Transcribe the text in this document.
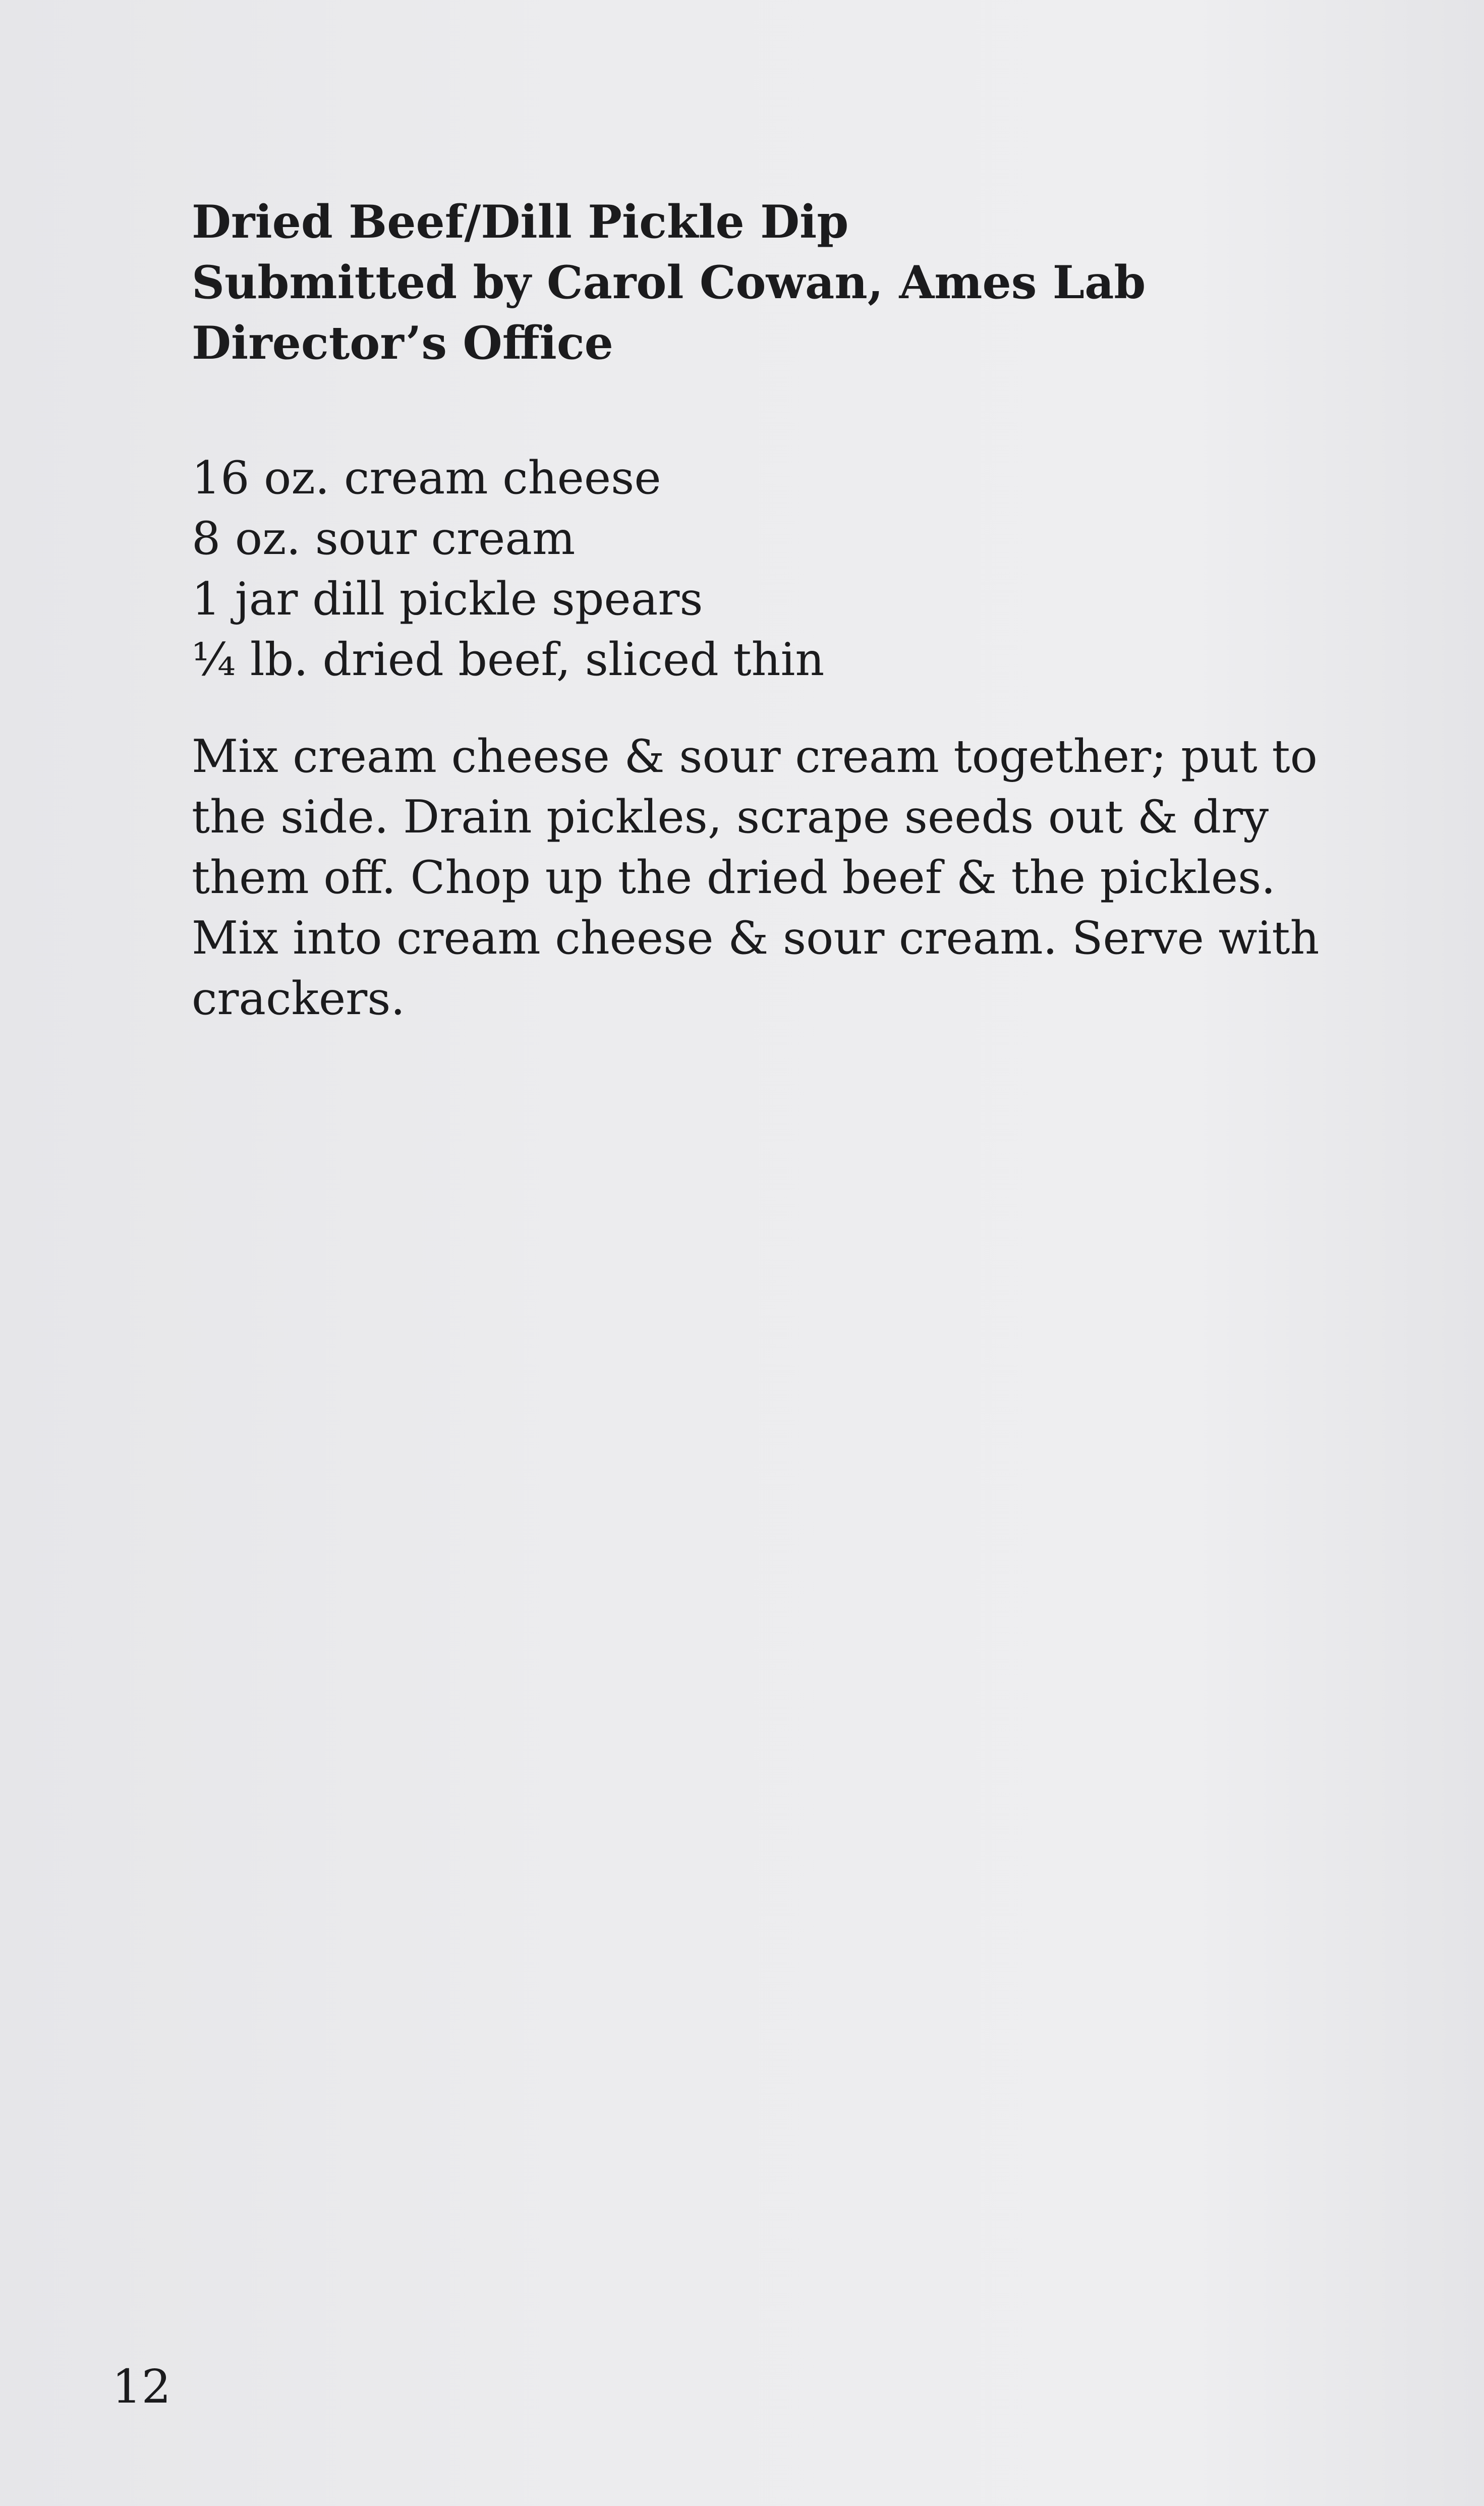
Dried Beef/Dill Pickle Dip
Submitted by Carol Cowan, Ames Lab
Director’s Office
16 oz. cream cheese
8 oz. sour cream
1 jar dill pickle spears
¼ lb. dried beef, sliced thin

Mix cream cheese & sour cream together; put to the side. Drain pickles, scrape seeds out & dry them off. Chop up the dried beef & the pickles. Mix into cream cheese & sour cream. Serve with crackers.

12
